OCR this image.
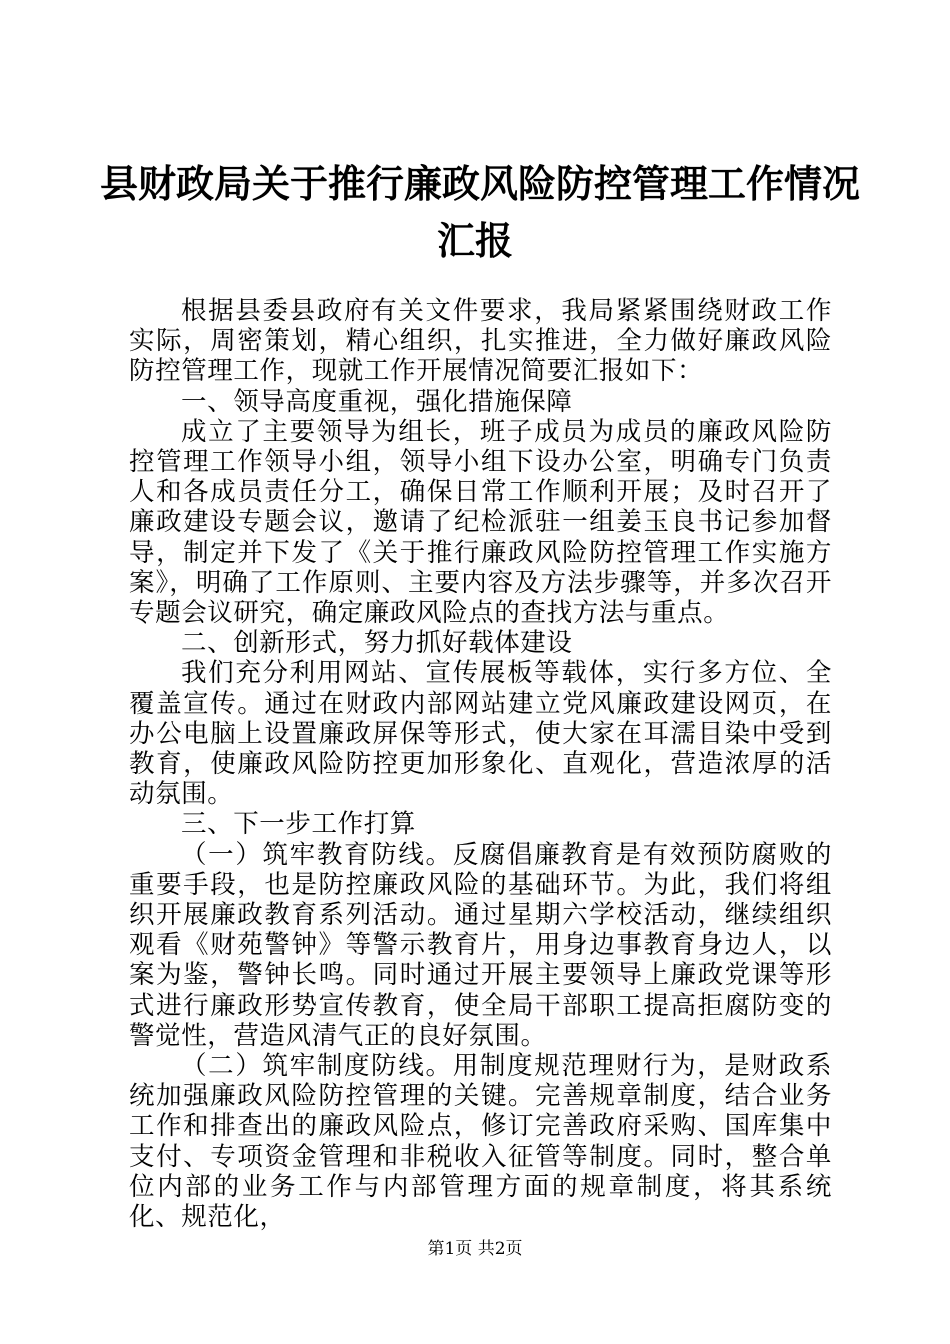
县财政局关于推行廉政风险防控管理工作情况
汇报

根据县委县政府有关文件要求，我局紧紧围绕财政工作实际，周密策划，精心组织，扎实推进，全力做好廉政风险防控管理工作，现就工作开展情况简要汇报如下：

一、领导高度重视，强化措施保障

成立了主要领导为组长，班子成员为成员的廉政风险防控管理工作领导小组，领导小组下设办公室，明确专门负责人和各成员责任分工，确保日常工作顺利开展；及时召开了廉政建设专题会议，邀请了纪检派驻一组姜玉良书记参加督导，制定并下发了《关于推行廉政风险防控管理工作实施方案》，明确了工作原则、主要内容及方法步骤等，并多次召开专题会议研究，确定廉政风险点的查找方法与重点。

二、创新形式，努力抓好载体建设

我们充分利用网站、宣传展板等载体，实行多方位、全覆盖宣传。通过在财政内部网站建立党风廉政建设网页，在办公电脑上设置廉政屏保等形式，使大家在耳濡目染中受到教育，使廉政风险防控更加形象化、直观化，营造浓厚的活动氛围。

三、下一步工作打算

（一）筑牢教育防线。反腐倡廉教育是有效预防腐败的重要手段，也是防控廉政风险的基础环节。为此，我们将组织开展廉政教育系列活动。通过星期六学校活动，继续组织观看《财苑警钟》等警示教育片，用身边事教育身边人，以案为鉴，警钟长鸣。同时通过开展主要领导上廉政党课等形式进行廉政形势宣传教育，使全局干部职工提高拒腐防变的警觉性，营造风清气正的良好氛围。

（二）筑牢制度防线。用制度规范理财行为，是财政系统加强廉政风险防控管理的关键。完善规章制度，结合业务工作和排查出的廉政风险点，修订完善政府采购、国库集中支付、专项资金管理和非税收入征管等制度。同时，整合单位内部的业务工作与内部管理方面的规章制度，将其系统化、规范化，

第1页 共2页
